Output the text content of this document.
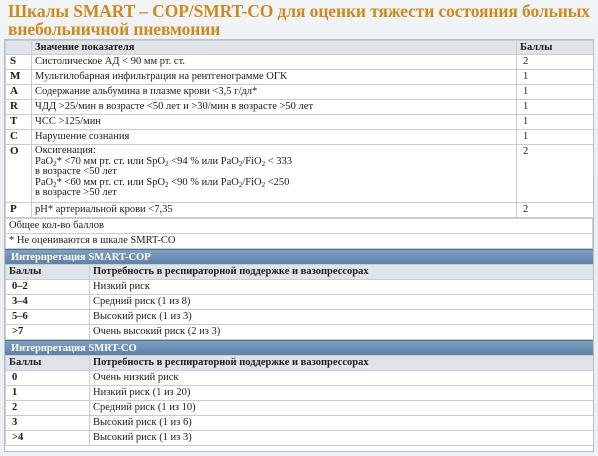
Шкалы SMART – COP/SMRT-CO для оценки тяжести состояния больных внебольничной пневмонии
	Значение показателя	Баллы
S	Систолическое АД < 90 мм рт. ст.	2
M	Мультилобарная инфильтрация на рентгенограмме ОГК	1
A	Содержание альбумина в плазме крови <3,5 г/дл*	1
R	ЧДД >25/мин в возрасте <50 лет и >30/мин в возрасте >50 лет	1
T	ЧСС >125/мин	1
C	Нарушение сознания	1
O	Оксигенация:
PaO$_2$* <70 мм рт. ст. или SpO$_2$ <94 % или PaO$_2$/FiO$_2$ < 333
в возрасте <50 лет
PaO$_2$* <60 мм рт. ст. или SpO$_2$ <90 % или PaO$_2$/FiO$_2$ <250
в возрасте >50 лет	2
P	pH* артериальной крови <7,35	2
Общее кол-во баллов
* Не оцениваются в шкале SMRT-CO
Интерпретация SMART-COP
Баллы	Потребность в респираторной поддержке и вазопрессорах
0–2	Низкий риск
3–4	Средний риск (1 из 8)
5–6	Высокий риск (1 из 3)
>7	Очень высокий риск (2 из 3)
Интерпретация SMRT-CO
Баллы	Потребность в респираторной поддержке и вазопрессорах
0	Очень низкий риск
1	Низкий риск (1 из 20)
2	Средний риск (1 из 10)
3	Высокий риск (1 из 6)
>4	Высокий риск (1 из 3)
